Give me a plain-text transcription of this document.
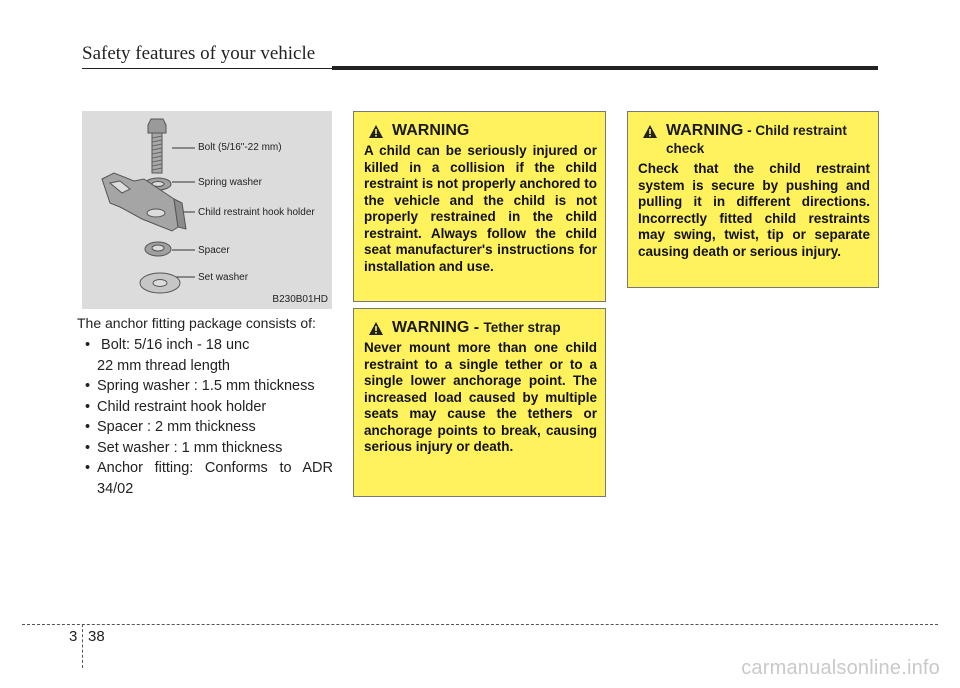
Safety features of your vehicle
Bolt (5/16"-22 mm)
Spring washer
Child restraint hook holder
Spacer
Set washer
B230B01HD
The anchor fitting package consists of:
• Bolt: 5/16 inch - 18 unc
22 mm thread length
• Spring washer : 1.5 mm thickness
• Child restraint hook holder
• Spacer : 2 mm thickness
• Set washer : 1 mm thickness
• Anchor fitting: Conforms to ADR 34/02
WARNING
A child can be seriously injured or killed in a collision if the child restraint is not properly anchored to the vehicle and the child is not properly restrained in the child restraint. Always follow the child seat manufacturer's instructions for installation and use.
WARNING - Tether strap
Never mount more than one child restraint to a single tether or to a single lower anchorage point. The increased load caused by multiple seats may cause the tethers or anchorage points to break, causing serious injury or death.
WARNING - Child restraint check
Check that the child restraint system is secure by pushing and pulling it in different directions. Incorrectly fitted child restraints may swing, twist, tip or separate causing death or serious injury.
3 38
carmanualsonline.info
